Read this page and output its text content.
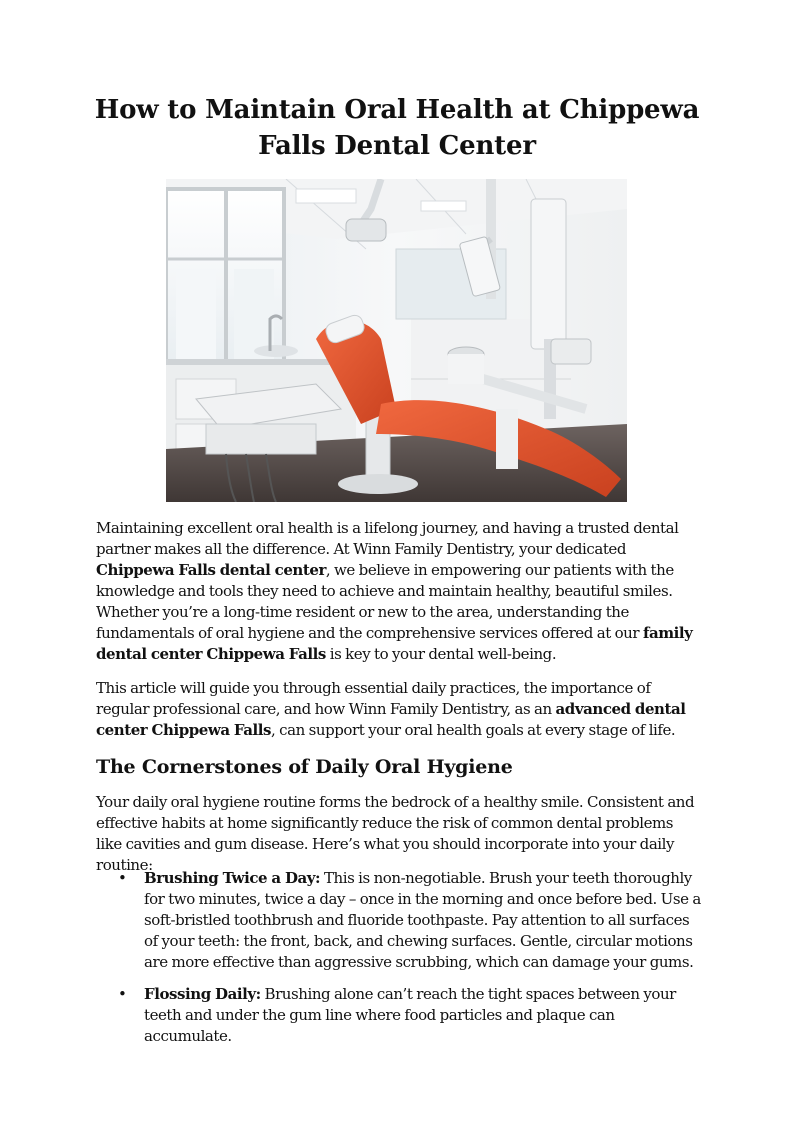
How to Maintain Oral Health at Chippewa Falls Dental Center

Maintaining excellent oral health is a lifelong journey, and having a trusted dental partner makes all the difference. At Winn Family Dentistry, your dedicated Chippewa Falls dental center, we believe in empowering our patients with the knowledge and tools they need to achieve and maintain healthy, beautiful smiles. Whether you’re a long-time resident or new to the area, understanding the fundamentals of oral hygiene and the comprehensive services offered at our family dental center Chippewa Falls is key to your dental well-being.

This article will guide you through essential daily practices, the importance of regular professional care, and how Winn Family Dentistry, as an advanced dental center Chippewa Falls, can support your oral health goals at every stage of life.

The Cornerstones of Daily Oral Hygiene

Your daily oral hygiene routine forms the bedrock of a healthy smile. Consistent and effective habits at home significantly reduce the risk of common dental problems like cavities and gum disease. Here’s what you should incorporate into your daily routine:

• Brushing Twice a Day: This is non-negotiable. Brush your teeth thoroughly for two minutes, twice a day – once in the morning and once before bed. Use a soft-bristled toothbrush and fluoride toothpaste. Pay attention to all surfaces of your teeth: the front, back, and chewing surfaces. Gentle, circular motions are more effective than aggressive scrubbing, which can damage your gums.
• Flossing Daily: Brushing alone can’t reach the tight spaces between your teeth and under the gum line where food particles and plaque can accumulate.
